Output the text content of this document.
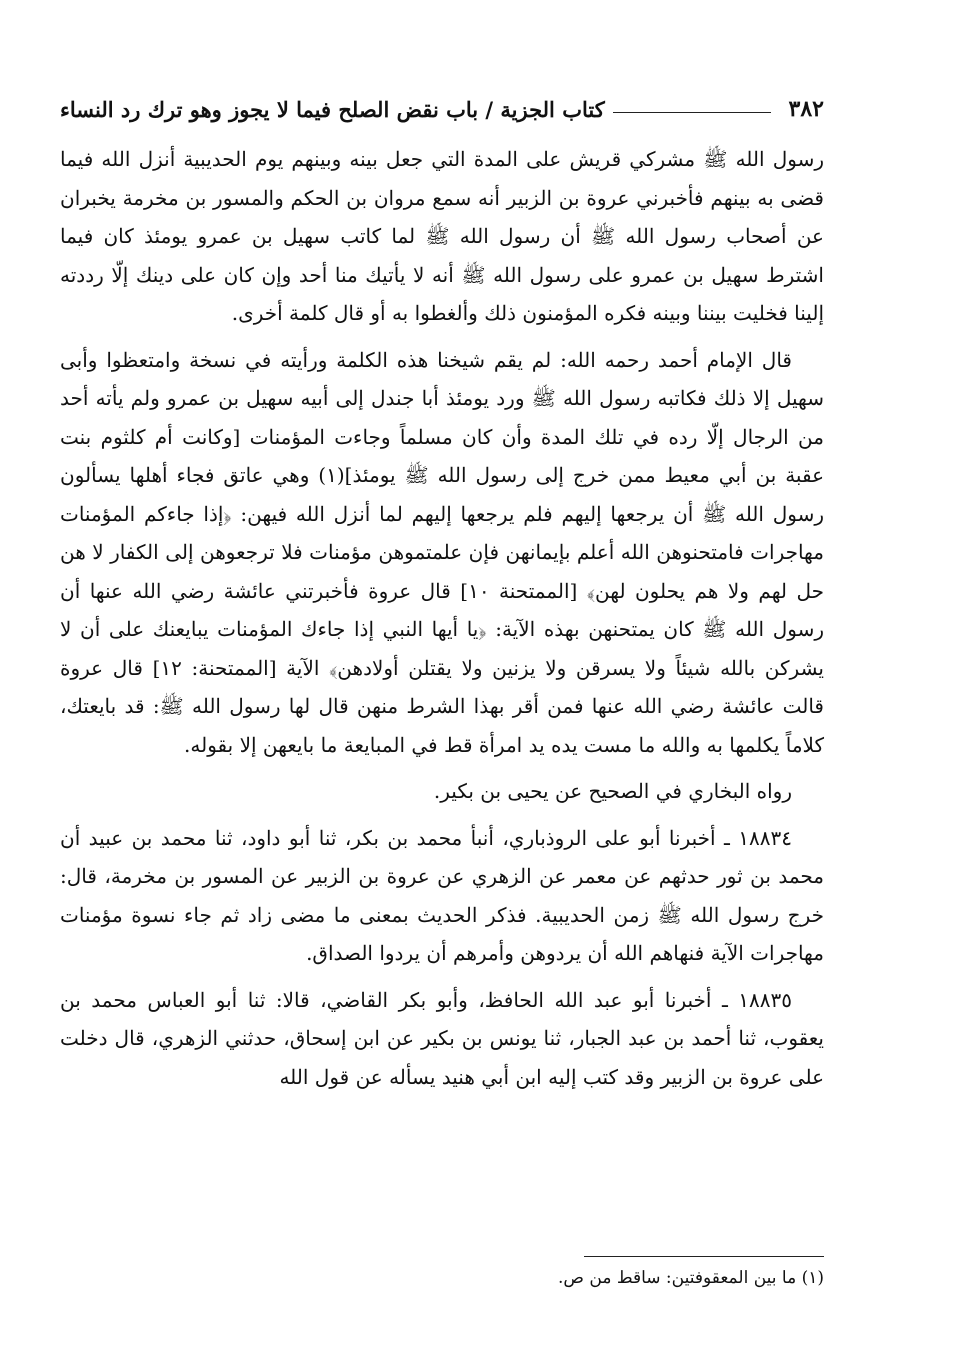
٣٨٢
كتاب الجزية / باب نقض الصلح فيما لا يجوز وهو ترك رد النساء

رسول الله ﷺ مشركي قريش على المدة التي جعل بينه وبينهم يوم الحديبية أنزل الله فيما قضى به بينهم فأخبرني عروة بن الزبير أنه سمع مروان بن الحكم والمسور بن مخرمة يخبران عن أصحاب رسول الله ﷺ أن رسول الله ﷺ لما كاتب سهيل بن عمرو يومئذ كان فيما اشترط سهيل بن عمرو على رسول الله ﷺ أنه لا يأتيك منا أحد وإن كان على دينك إلّا رددته إلينا فخليت بيننا وبينه فكره المؤمنون ذلك وألغطوا به أو قال كلمة أخرى.

قال الإمام أحمد رحمه الله: لم يقم شيخنا هذه الكلمة ورأيته في نسخة وامتعظوا وأبى سهيل إلا ذلك فكاتبه رسول الله ﷺ ورد يومئذ أبا جندل إلى أبيه سهيل بن عمرو ولم يأته أحد من الرجال إلّا رده في تلك المدة وأن كان مسلماً وجاءت المؤمنات [وكانت أم كلثوم بنت عقبة بن أبي معيط ممن خرج إلى رسول الله ﷺ يومئذ](١) وهي عاتق فجاء أهلها يسألون رسول الله ﷺ أن يرجعها إليهم فلم يرجعها إليهم لما أنزل الله فيهن: ﴿إذا جاءكم المؤمنات مهاجرات فامتحنوهن الله أعلم بإيمانهن فإن علمتموهن مؤمنات فلا ترجعوهن إلى الكفار لا هن حل لهم ولا هم يحلون لهن﴾ [الممتحنة ١٠] قال عروة فأخبرتني عائشة رضي الله عنها أن رسول الله ﷺ كان يمتحنهن بهذه الآية: ﴿يا أيها النبي إذا جاءك المؤمنات يبايعنك على أن لا يشركن بالله شيئاً ولا يسرقن ولا يزنين ولا يقتلن أولادهن﴾ الآية [الممتحنة: ١٢] قال عروة قالت عائشة رضي الله عنها فمن أقر بهذا الشرط منهن قال لها رسول الله ﷺ: قد بايعتك، كلاماً يكلمها به والله ما مست يده يد امرأة قط في المبايعة ما بايعهن إلا بقوله.

رواه البخاري في الصحيح عن يحيى بن بكير.

١٨٨٣٤ ـ أخبرنا أبو على الروذباري، أنبأ محمد بن بكر، ثنا أبو داود، ثنا محمد بن عبيد أن محمد بن ثور حدثهم عن معمر عن الزهري عن عروة بن الزبير عن المسور بن مخرمة، قال: خرج رسول الله ﷺ زمن الحديبية. فذكر الحديث بمعنى ما مضى زاد ثم جاء نسوة مؤمنات مهاجرات الآية فنهاهم الله أن يردوهن وأمرهم أن يردوا الصداق.

١٨٨٣٥ ـ أخبرنا أبو عبد الله الحافظ، وأبو بكر القاضي، قالا: ثنا أبو العباس محمد بن يعقوب، ثنا أحمد بن عبد الجبار، ثنا يونس بن بكير عن ابن إسحاق، حدثني الزهري، قال دخلت على عروة بن الزبير وقد كتب إليه ابن أبي هنيد يسأله عن قول الله

(١) ما بين المعقوفتين: ساقط من ص.
